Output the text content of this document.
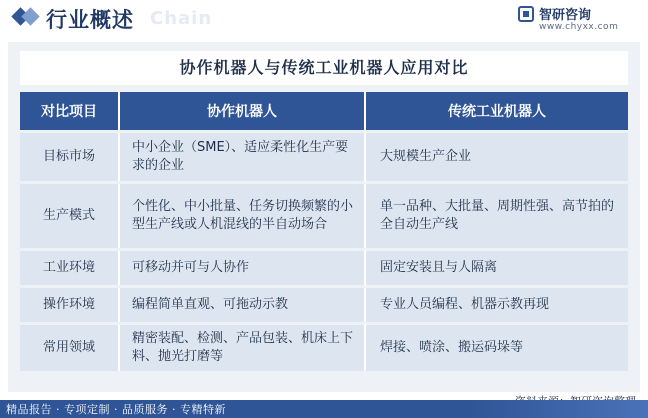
行业概述 Chain	智研咨询
www.chyxx.com
协作机器人与传统工业机器人应用对比
对比项目	协作机器人	传统工业机器人
目标市场	中小企业（SME）、适应柔性化生产要求的企业	大规模生产企业
生产模式	个性化、中小批量、任务切换频繁的小型生产线或人机混线的半自动场合	单一品种、大批量、周期性强、高节拍的全自动生产线
工业环境	可移动并可与人协作	固定安装且与人隔离
操作环境	编程简单直观、可拖动示教	专业人员编程、机器示教再现
常用领域	精密装配、检测、产品包装、机床上下料、抛光打磨等	焊接、喷涂、搬运码垛等
精品报告 · 专项定制 · 品质服务 · 专精特新
